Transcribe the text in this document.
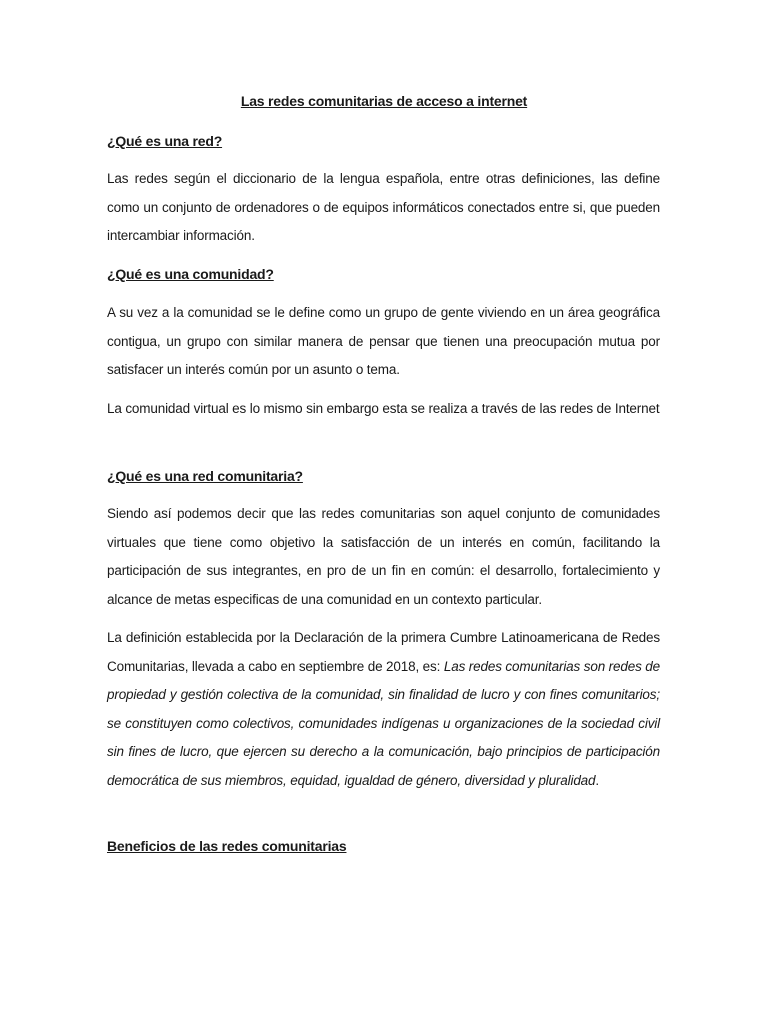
Las redes comunitarias de acceso a internet
¿Qué es una red?
Las redes según el diccionario de la lengua española, entre otras definiciones, las define como un conjunto de ordenadores o de equipos informáticos conectados entre si, que pueden intercambiar información.
¿Qué es una comunidad?
A su vez a la comunidad se le define como un grupo de gente viviendo en un área geográfica contigua, un grupo con similar manera de pensar que tienen una preocupación mutua por satisfacer un interés común por un asunto o tema.
La comunidad virtual es lo mismo sin embargo esta se realiza a través de las redes de Internet
¿Qué es una red comunitaria?
Siendo así podemos decir que las redes comunitarias son aquel conjunto de comunidades virtuales que tiene como objetivo la satisfacción de un interés en común, facilitando la participación de sus integrantes, en pro de un fin en común: el desarrollo, fortalecimiento y alcance de metas especificas de una comunidad en un contexto particular.
La definición establecida por la Declaración de la primera Cumbre Latinoamericana de Redes Comunitarias, llevada a cabo en septiembre de 2018, es: Las redes comunitarias son redes de propiedad y gestión colectiva de la comunidad, sin finalidad de lucro y con fines comunitarios; se constituyen como colectivos, comunidades indígenas u organizaciones de la sociedad civil sin fines de lucro, que ejercen su derecho a la comunicación, bajo principios de participación democrática de sus miembros, equidad, igualdad de género, diversidad y pluralidad.
Beneficios de las redes comunitarias
